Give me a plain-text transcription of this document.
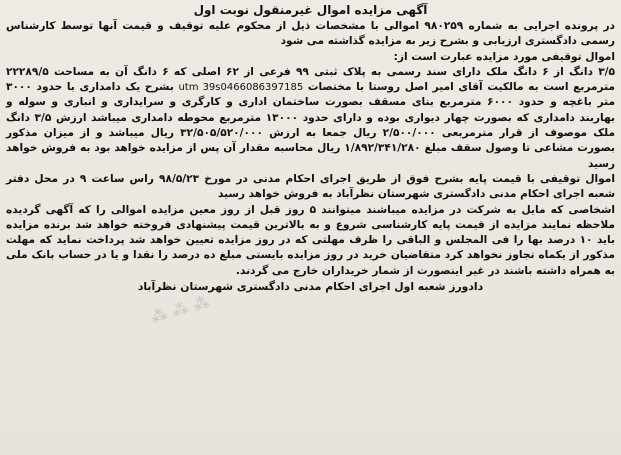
آگهی مزایده اموال غیرمنقول نوبت اول

در پرونده اجرایی به شماره ۹۸۰۲۵۹ اموالی با مشخصات ذیل از محکوم علیه توقیف و قیمت آنها توسط کارشناس رسمی دادگستری ارزیابی و بشرح زیر به مزایده گذاشته می شود

اموال توقیفی مورد مزایده عبارت است از:

۳/۵ دانگ از ۶ دانگ ملک دارای سند رسمی به پلاک ثبتی ۹۹ فرعی از ۶۲ اصلی که ۶ دانگ آن به مساحت ۲۲۲۸۹/۵ مترمربع است به مالکیت آقای امیر اصل روستا با مختصات utm 39s0466086397185 بشرح یک دامداری با حدود ۳۰۰۰ متر باغچه و حدود ۶۰۰۰ مترمربع بنای مسقف بصورت ساختمان اداری و کارگری و سرایداری و انباری و سوله و بهاربند دامداری که بصورت چهار دیواری بوده و دارای حدود ۱۳۰۰۰ مترمربع محوطه دامداری میباشد ارزش ۳/۵ دانگ ملک موصوف از قرار مترمربعی ۲/۵۰۰/۰۰۰ ریال جمعا به ارزش ۳۲/۵۰۵/۵۲۰/۰۰۰ ریال میباشد و از میزان مذکور بصورت مشاعی تا وصول سقف مبلغ ۱/۸۹۲/۳۴۱/۲۸۰ ریال محاسبه مقدار آن پس از مزایده خواهد بود به فروش خواهد رسید

اموال توقیفی با قیمت پایه بشرح فوق از طریق اجرای احکام مدنی در مورخ ۹۸/۵/۲۳ راس ساعت ۹ در محل دفتر شعبه اجرای احکام مدنی دادگستری شهرستان نظرآباد به فروش خواهد رسید

اشخاصی که مایل به شرکت در مزایده میباشند میتوانند ۵ روز قبل از روز معین مزایده اموالی را که آگهی گردیده ملاحظه نمایند مزایده از قیمت پایه کارشناسی شروع و به بالاترین قیمت پیشنهادی فروخته خواهد شد برنده مزایده باید ۱۰ درصد بها را فی المجلس و الباقی را ظرف مهلتی که در روز مزایده تعیین خواهد شد پرداخت نماید که مهلت مذکور از یکماه تجاوز نخواهد کرد متقاضیان خرید در روز مزایده بایستی مبلغ ده درصد را نقدا و یا در حساب بانک ملی به همراه داشته باشند در غیر اینصورت از شمار خریداران خارج می گردند.

دادورز شعبه اول اجرای احکام مدنی دادگستری شهرستان نظرآباد
⁂ ⁂ ⁂
